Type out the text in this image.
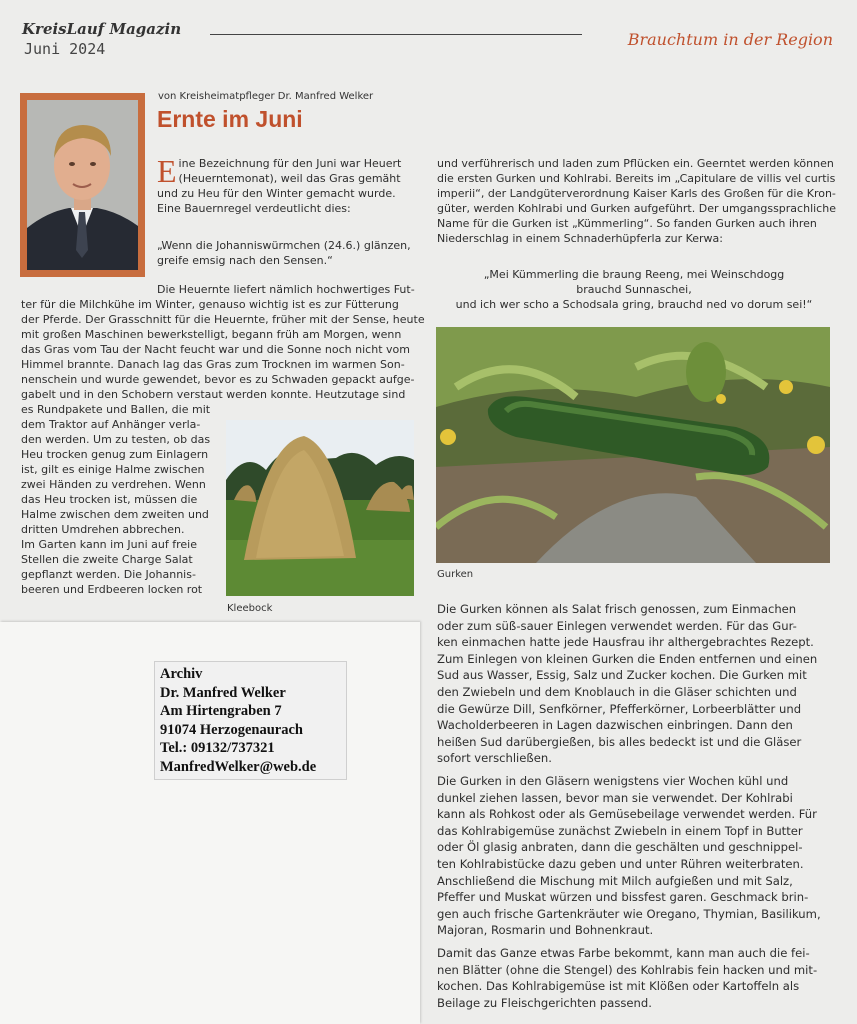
KreisLauf Magazin
Juni 2024	Brauchtum in der Region
von Kreisheimatpfleger Dr. Manfred Welker
Ernte im Juni
E ine Bezeichnung für den Juni war Heuert
(Heuerntemonat), weil das Gras gemäht
und zu Heu für den Winter gemacht wurde.
Eine Bauernregel verdeutlicht dies:
„Wenn die Johanniswürmchen (24.6.) glänzen,
greife emsig nach den Sensen.“
Die Heuernte liefert nämlich hochwertiges Fut-
ter für die Milchkühe im Winter, genauso wichtig ist es zur Fütterung
der Pferde. Der Grasschnitt für die Heuernte, früher mit der Sense, heute
mit großen Maschinen bewerkstelligt, begann früh am Morgen, wenn
das Gras vom Tau der Nacht feucht war und die Sonne noch nicht vom
Himmel brannte. Danach lag das Gras zum Trocknen im warmen Son-
nenschein und wurde gewendet, bevor es zu Schwaden gepackt aufge-
gabelt und in den Schobern verstaut werden konnte. Heutzutage sind
es Rundpakete und Ballen, die mit
dem Traktor auf Anhänger verla-
den werden. Um zu testen, ob das
Heu trocken genug zum Einlagern
ist, gilt es einige Halme zwischen
zwei Händen zu verdrehen. Wenn
das Heu trocken ist, müssen die
Halme zwischen dem zweiten und
dritten Umdrehen abbrechen.
Im Garten kann im Juni auf freie
Stellen die zweite Charge Salat
gepflanzt werden. Die Johannis-
beeren und Erdbeeren locken rot
Kleebock
und verführerisch und laden zum Pflücken ein. Geerntet werden können
die ersten Gurken und Kohlrabi. Bereits im „Capitulare de villis vel curtis
imperii“, der Landgüterverordnung Kaiser Karls des Großen für die Kron-
güter, werden Kohlrabi und Gurken aufgeführt. Der umgangssprachliche
Name für die Gurken ist „Kümmerling“. So fanden Gurken auch ihren
Niederschlag in einem Schnaderhüpferla zur Kerwa:
„Mei Kümmerling die braung Reeng, mei Weinschdogg
brauchd Sunnaschei,
und ich wer scho a Schodsala gring, brauchd ned vo dorum sei!“
Gurken
Die Gurken können als Salat frisch genossen, zum Einmachen
oder zum süß-sauer Einlegen verwendet werden. Für das Gur-
ken einmachen hatte jede Hausfrau ihr althergebrachtes Rezept.
Zum Einlegen von kleinen Gurken die Enden entfernen und einen
Sud aus Wasser, Essig, Salz und Zucker kochen. Die Gurken mit
den Zwiebeln und dem Knoblauch in die Gläser schichten und
die Gewürze Dill, Senfkörner, Pfefferkörner, Lorbeerblätter und
Wacholderbeeren in Lagen dazwischen einbringen. Dann den
heißen Sud darübergießen, bis alles bedeckt ist und die Gläser
sofort verschließen.
Die Gurken in den Gläsern wenigstens vier Wochen kühl und
dunkel ziehen lassen, bevor man sie verwendet. Der Kohlrabi
kann als Rohkost oder als Gemüsebeilage verwendet werden. Für
das Kohlrabigemüse zunächst Zwiebeln in einem Topf in Butter
oder Öl glasig anbraten, dann die geschälten und geschnippel-
ten Kohlrabistücke dazu geben und unter Rühren weiterbraten.
Anschließend die Mischung mit Milch aufgießen und mit Salz,
Pfeffer und Muskat würzen und bissfest garen. Geschmack brin-
gen auch frische Gartenkräuter wie Oregano, Thymian, Basilikum,
Majoran, Rosmarin und Bohnenkraut.
Damit das Ganze etwas Farbe bekommt, kann man auch die fei-
nen Blätter (ohne die Stengel) des Kohlrabis fein hacken und mit-
kochen. Das Kohlrabigemüse ist mit Klößen oder Kartoffeln als
Beilage zu Fleischgerichten passend.
Archiv
Dr. Manfred Welker
Am Hirtengraben 7
91074 Herzogenaurach
Tel.: 09132/737321
ManfredWelker@web.de
